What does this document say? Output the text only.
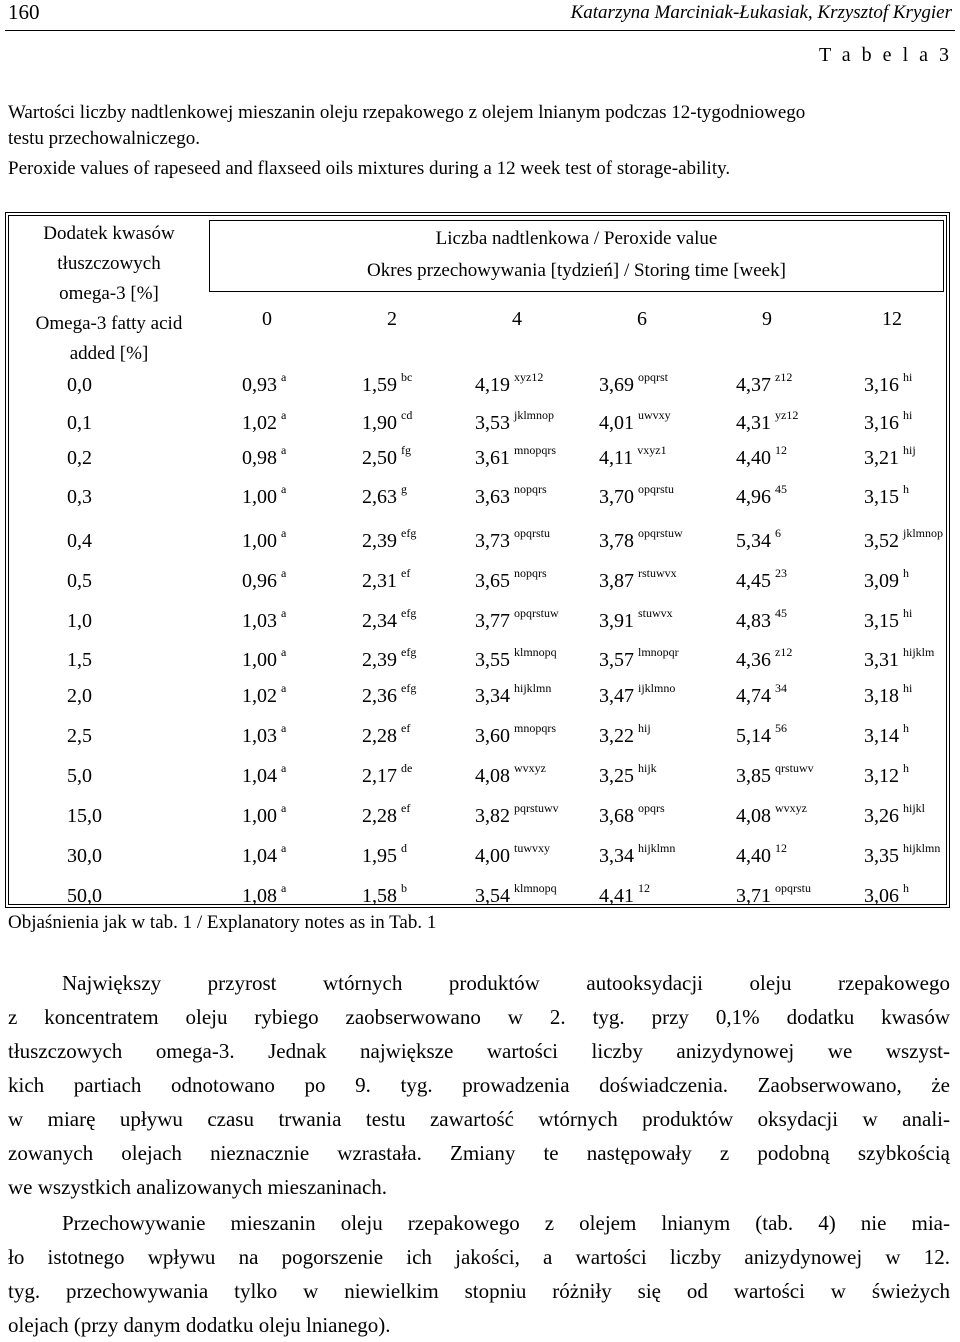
160	Katarzyna Marciniak-Łukasiak, Krzysztof Krygier
T a b e l a 3
Wartości liczby nadtlenkowej mieszanin oleju rzepakowego z olejem lnianym podczas 12-tygodniowego
testu przechowalniczego.
Peroxide values of rapeseed and flaxseed oils mixtures during a 12 week test of storage-ability.
Dodatek kwasów
tłuszczowych
omega-3 [%]
Omega-3 fatty acid
added [%]
Liczba nadtlenkowa / Peroxide value
Okres przechowywania [tydzień] / Storing time [week]
0	2	4	6	9	12
0,0	0,93 $^a$	1,59 $^{bc}$	4,19 $^{xyz12}$	3,69 $^{opqrst}$	4,37 $^{z12}$	3,16 $^{hi}$
0,1	1,02 $^a$	1,90 $^{cd}$	3,53 $^{jklmnop}$ 4,01 $^{uwvxy}$	4,31 $^{yz12}$	3,16 $^{hi}$
0,2	0,98 $^a$	2,50 $^{fg}$	3,61 $^{mnopqrs}$ 4,11 $^{vxyz1}$	4,40 $^{12}$	3,21 $^{hij}$
0,3	1,00 $^a$	2,63 $^g$	3,63 $^{nopqrs}$	3,70 $^{opqrstu}$	4,96 $^{45}$	3,15 $^h$
0,4	1,00 $^a$	2,39 $^{efg}$	3,73 $^{opqrstu}$ 3,78 $^{opqrstuw}$	5,34 $^6$	3,52 $^{jklmnop}$
0,5	0,96 $^a$	2,31 $^{ef}$	3,65 $^{nopqrs}$	3,87 $^{rstuwvx}$	4,45 $^{23}$	3,09 $^h$
1,0	1,03 $^a$	2,34 $^{efg}$	3,77 $^{opqrstuw}$ 3,91 $^{stuwvx}$	4,83 $^{45}$	3,15 $^{hi}$
1,5	1,00 $^a$	2,39 $^{efg}$	3,55 $^{klmnopq}$ 3,57 $^{lmnopqr}$	4,36 $^{z12}$	3,31 $^{hijklm}$
2,0	1,02 $^a$	2,36 $^{efg}$	3,34 $^{hijklmn}$ 3,47 $^{ijklmno}$	4,74 $^{34}$	3,18 $^{hi}$
2,5	1,03 $^a$	2,28 $^{ef}$	3,60 $^{mnopqrs}$ 3,22 $^{hij}$	5,14 $^{56}$	3,14 $^h$
5,0	1,04 $^a$	2,17 $^{de}$	4,08 $^{wvxyz}$	3,25 $^{hijk}$	3,85 $^{qrstuwv}$	3,12 $^h$
15,0	1,00 $^a$	2,28 $^{ef}$	3,82 $^{pqrstuwv}$ 3,68 $^{opqrs}$	4,08 $^{wvxyz}$	3,26 $^{hijkl}$
30,0	1,04 $^a$	1,95 $^d$	4,00 $^{tuwvxy}$ 3,34 $^{hijklmn}$	4,40 $^{12}$	3,35 $^{hijklmn}$
50,0	1,08 $^a$	1,58 $^b$	3,54 $^{klmnopq}$ 4,41 $^{12}$	3,71 $^{opqrstu}$	3,06 $^h$
Objaśnienia jak w tab. 1 / Explanatory notes as in Tab. 1
Największy przyrost wtórnych produktów autooksydacji oleju rzepakowego
z koncentratem oleju rybiego zaobserwowano w 2. tyg. przy 0,1% dodatku kwasów
tłuszczowych omega-3. Jednak największe wartości liczby anizydynowej we wszyst-
kich partiach odnotowano po 9. tyg. prowadzenia doświadczenia. Zaobserwowano, że
w miarę upływu czasu trwania testu zawartość wtórnych produktów oksydacji w anali-
zowanych olejach nieznacznie wzrastała. Zmiany te następowały z podobną szybkością
we wszystkich analizowanych mieszaninach.
Przechowywanie mieszanin oleju rzepakowego z olejem lnianym (tab. 4) nie mia-
ło istotnego wpływu na pogorszenie ich jakości, a wartości liczby anizydynowej w 12.
tyg. przechowywania tylko w niewielkim stopniu różniły się od wartości w świeżych
olejach (przy danym dodatku oleju lnianego).
